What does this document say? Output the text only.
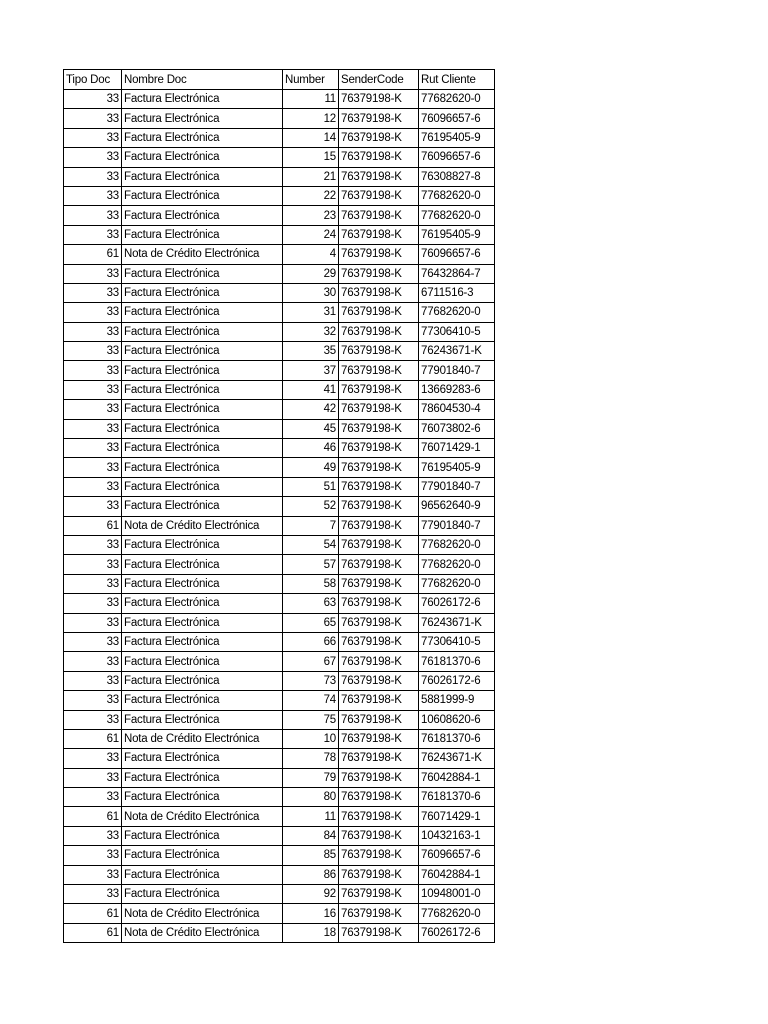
Tipo Doc	Nombre Doc	Number	SenderCode	Rut Cliente
33	Factura Electrónica	11	76379198-K	77682620-0
33	Factura Electrónica	12	76379198-K	76096657-6
33	Factura Electrónica	14	76379198-K	76195405-9
33	Factura Electrónica	15	76379198-K	76096657-6
33	Factura Electrónica	21	76379198-K	76308827-8
33	Factura Electrónica	22	76379198-K	77682620-0
33	Factura Electrónica	23	76379198-K	77682620-0
33	Factura Electrónica	24	76379198-K	76195405-9
61	Nota de Crédito Electrónica	4	76379198-K	76096657-6
33	Factura Electrónica	29	76379198-K	76432864-7
33	Factura Electrónica	30	76379198-K	6711516-3
33	Factura Electrónica	31	76379198-K	77682620-0
33	Factura Electrónica	32	76379198-K	77306410-5
33	Factura Electrónica	35	76379198-K	76243671-K
33	Factura Electrónica	37	76379198-K	77901840-7
33	Factura Electrónica	41	76379198-K	13669283-6
33	Factura Electrónica	42	76379198-K	78604530-4
33	Factura Electrónica	45	76379198-K	76073802-6
33	Factura Electrónica	46	76379198-K	76071429-1
33	Factura Electrónica	49	76379198-K	76195405-9
33	Factura Electrónica	51	76379198-K	77901840-7
33	Factura Electrónica	52	76379198-K	96562640-9
61	Nota de Crédito Electrónica	7	76379198-K	77901840-7
33	Factura Electrónica	54	76379198-K	77682620-0
33	Factura Electrónica	57	76379198-K	77682620-0
33	Factura Electrónica	58	76379198-K	77682620-0
33	Factura Electrónica	63	76379198-K	76026172-6
33	Factura Electrónica	65	76379198-K	76243671-K
33	Factura Electrónica	66	76379198-K	77306410-5
33	Factura Electrónica	67	76379198-K	76181370-6
33	Factura Electrónica	73	76379198-K	76026172-6
33	Factura Electrónica	74	76379198-K	5881999-9
33	Factura Electrónica	75	76379198-K	10608620-6
61	Nota de Crédito Electrónica	10	76379198-K	76181370-6
33	Factura Electrónica	78	76379198-K	76243671-K
33	Factura Electrónica	79	76379198-K	76042884-1
33	Factura Electrónica	80	76379198-K	76181370-6
61	Nota de Crédito Electrónica	11	76379198-K	76071429-1
33	Factura Electrónica	84	76379198-K	10432163-1
33	Factura Electrónica	85	76379198-K	76096657-6
33	Factura Electrónica	86	76379198-K	76042884-1
33	Factura Electrónica	92	76379198-K	10948001-0
61	Nota de Crédito Electrónica	16	76379198-K	77682620-0
61	Nota de Crédito Electrónica	18	76379198-K	76026172-6
